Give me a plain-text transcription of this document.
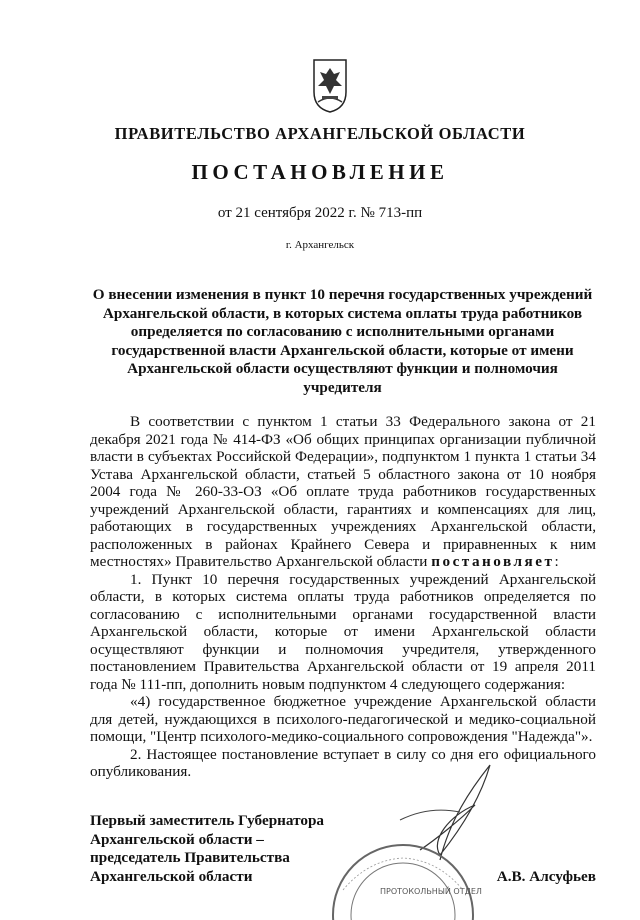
ПРАВИТЕЛЬСТВО АРХАНГЕЛЬСКОЙ ОБЛАСТИ
ПОСТАНОВЛЕНИЕ
от 21 сентября 2022 г. № 713-пп
г. Архангельск
О внесении изменения в пункт 10 перечня государственных учреждений Архангельской области, в которых система оплаты труда работников определяется по согласованию с исполнительными органами государственной власти Архангельской области, которые от имени Архангельской области осуществляют функции и полномочия учредителя

В соответствии с пунктом 1 статьи 33 Федерального закона от 21 декабря 2021 года № 414-ФЗ «Об общих принципах организации публичной власти в субъектах Российской Федерации», подпунктом 1 пункта 1 статьи 34 Устава Архангельской области, статьей 5 областного закона от 10 ноября 2004 года № 260-33-ОЗ «Об оплате труда работников государственных учреждений Архангельской области, гарантиях и компенсациях для лиц, работающих в государственных учреждениях Архангельской области, расположенных в районах Крайнего Севера и приравненных к ним местностях» Правительство Архангельской области постановляет:

1. Пункт 10 перечня государственных учреждений Архангельской области, в которых система оплаты труда работников определяется по согласованию с исполнительными органами государственной власти Архангельской области, которые от имени Архангельской области осуществляют функции и полномочия учредителя, утвержденного постановлением Правительства Архангельской области от 19 апреля 2011 года № 111-пп, дополнить новым подпунктом 4 следующего содержания:

«4) государственное бюджетное учреждение Архангельской области для детей, нуждающихся в психолого-педагогической и медико-социальной помощи, "Центр психолого-медико-социального сопровождения "Надежда"».

2. Настоящее постановление вступает в силу со дня его официального опубликования.

ПРОТОКОЛЬНЫЙ ОТДЕЛ
Первый заместитель Губернатора
Архангельской области –
председатель Правительства
Архангельской области	А.В. Алсуфьев
